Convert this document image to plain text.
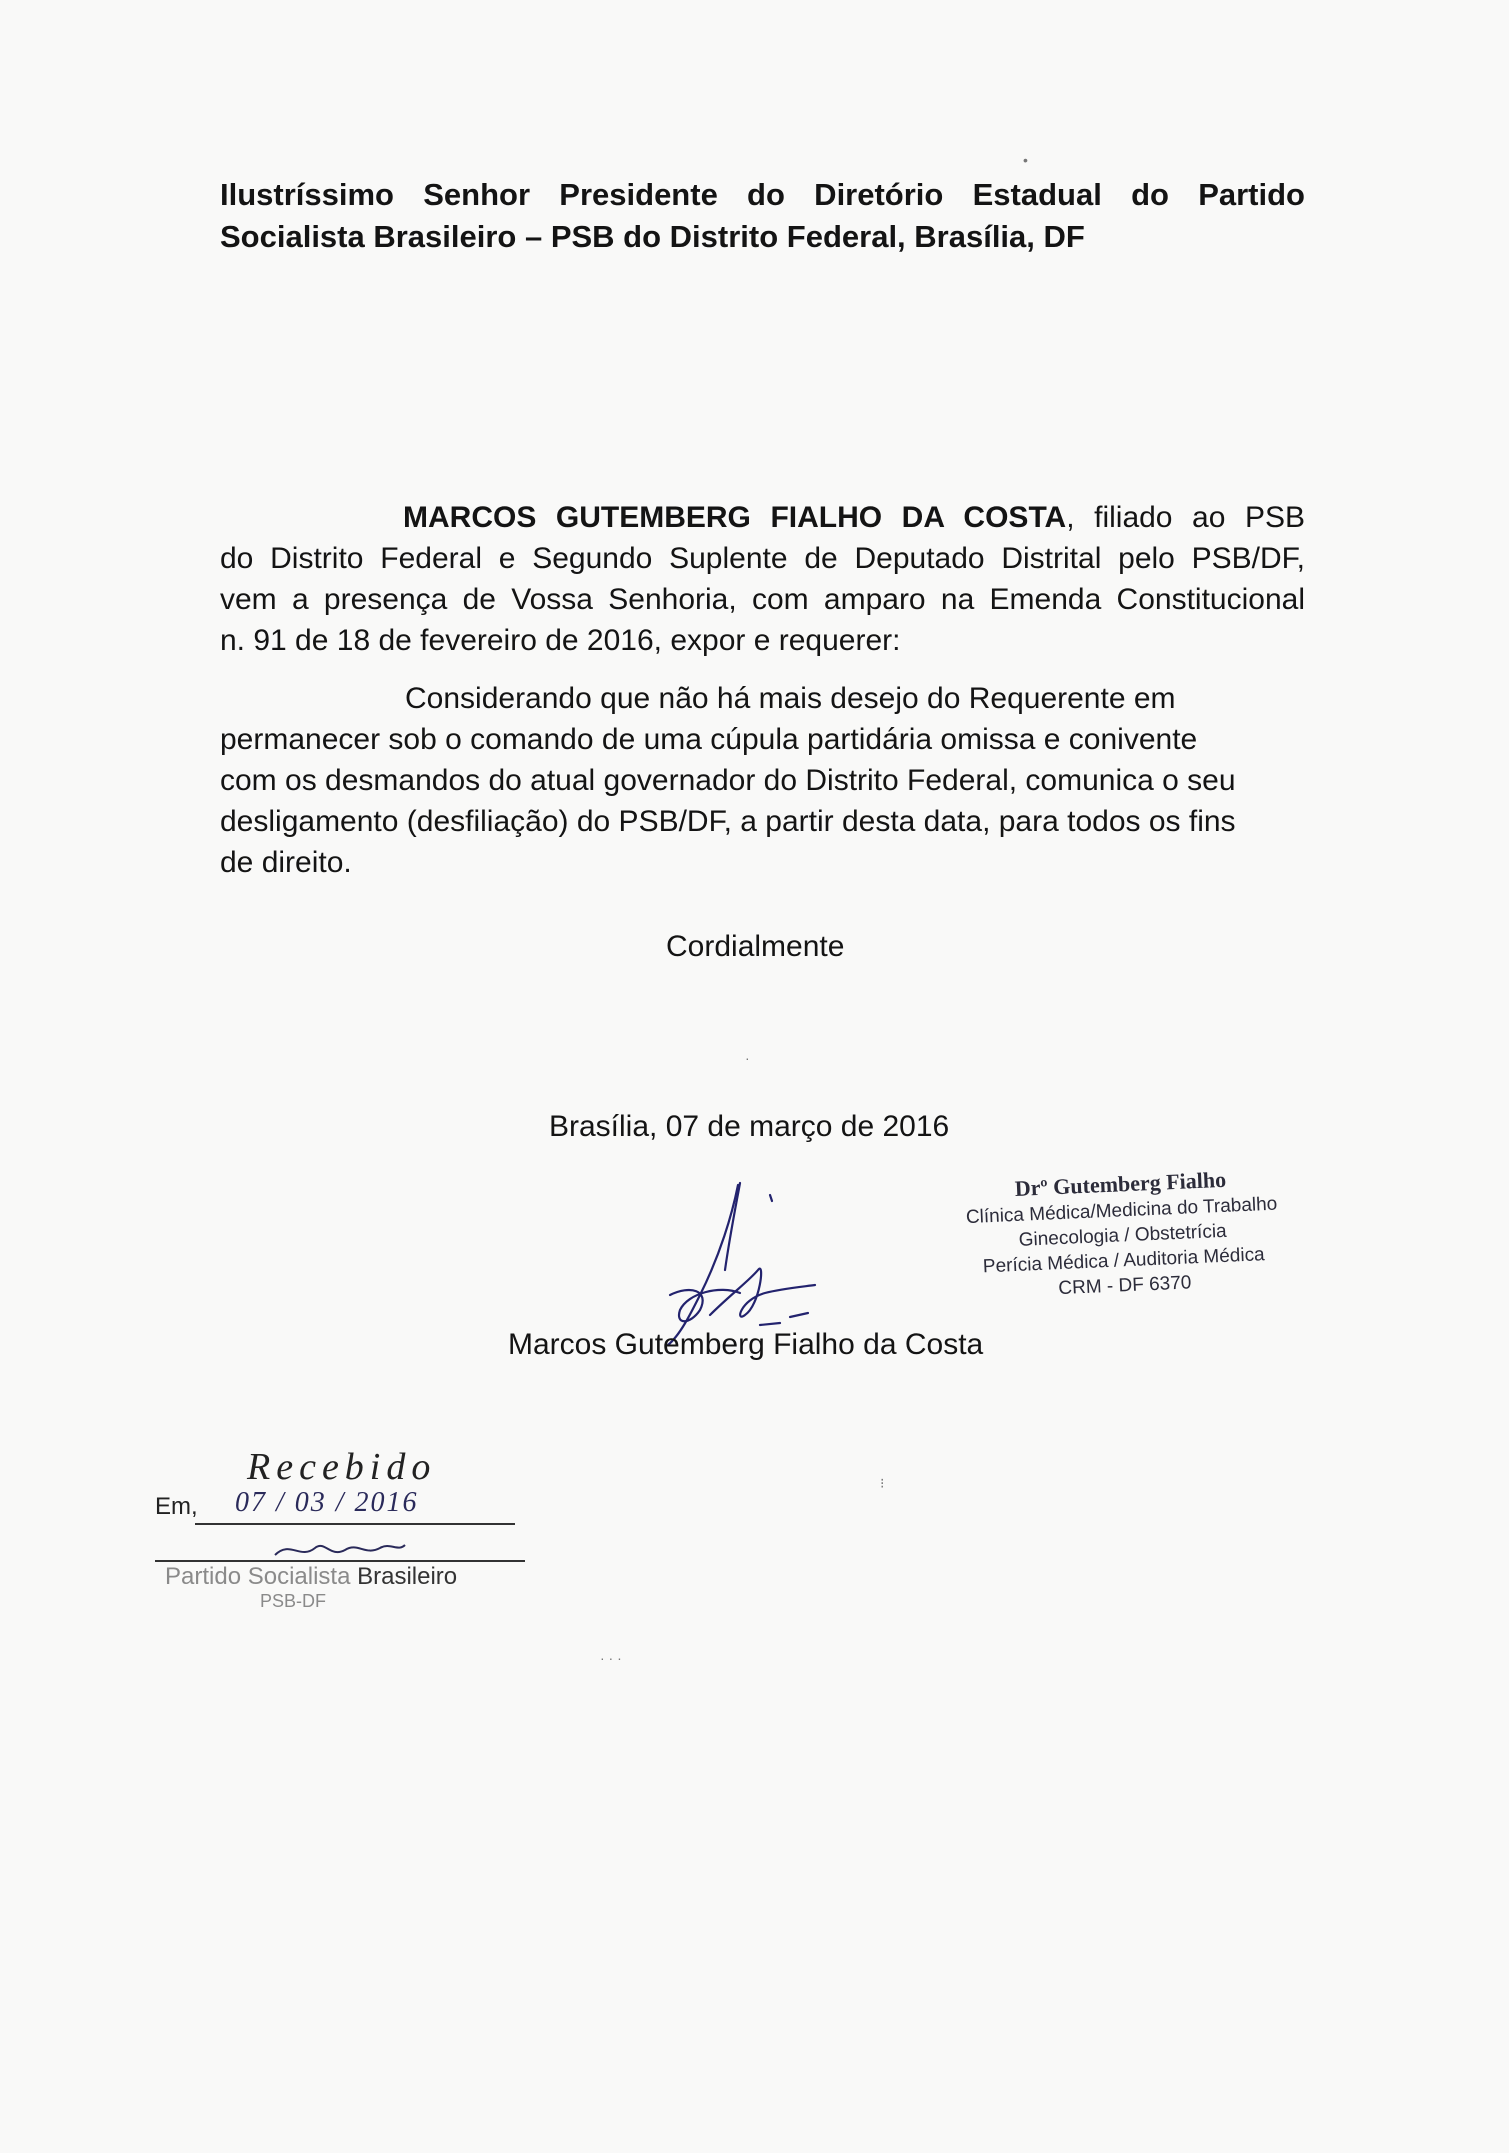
Ilustríssimo Senhor Presidente do Diretório Estadual do Partido
Socialista Brasileiro – PSB do Distrito Federal, Brasília, DF
MARCOS GUTEMBERG FIALHO DA COSTA, filiado ao PSB
do Distrito Federal e Segundo Suplente de Deputado Distrital pelo PSB/DF,
vem a presença de Vossa Senhoria, com amparo na Emenda Constitucional
n. 91 de 18 de fevereiro de 2016, expor e requerer:
Considerando que não há mais desejo do Requerente em
permanecer sob o comando de uma cúpula partidária omissa e conivente
com os desmandos do atual governador do Distrito Federal, comunica o seu
desligamento (desfiliação) do PSB/DF, a partir desta data, para todos os fins
de direito.
Cordialmente
Brasília, 07 de março de 2016
Drº Gutemberg Fialho
Clínica Médica/Medicina do Trabalho
Ginecologia / Obstetrícia
Perícia Médica / Auditoria Médica
CRM - DF 6370
Marcos Gutemberg Fialho da Costa
Recebido
Em, 07 / 03 / 2016
Partido Socialista Brasileiro
PSB-DF
•
·
⁝
· · ·
